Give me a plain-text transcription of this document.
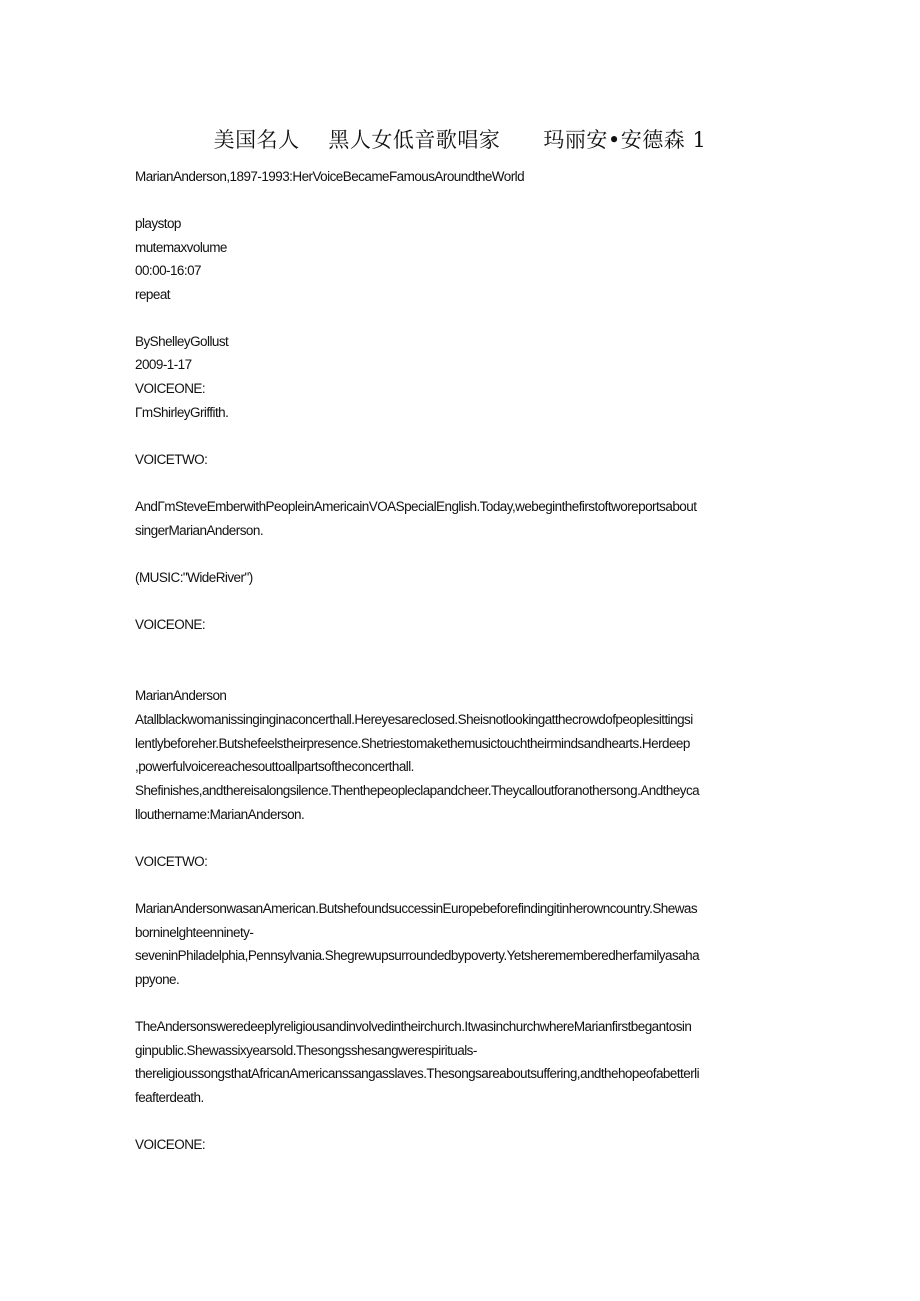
美国名人    黑人女低音歌唱家      玛丽安•安德森 1
MarianAnderson,1897-1993:HerVoiceBecameFamousAroundtheWorld
playstop
mutemaxvolume
00:00-16:07
repeat
ByShelleyGollust
2009-1-17
VOICEONE:
ΓmShirleyGriffith.
VOICETWO:
AndΓmSteveEmberwithPeopleinAmericainVOASpecialEnglish.Today,webeginthefirstoftworeportsabout
singerMarianAnderson.
(MUSIC:"WideRiver")
VOICEONE:
MarianAnderson
Atallblackwomanissinginginaconcerthall.Hereyesareclosed.Sheisnotlookingatthecrowdofpeoplesittingsi
lentlybeforeher.Butshefeelstheirpresence.Shetriestomakethemusictouchtheirmindsandhearts.Herdeep
,powerfulvoicereachesouttoallpartsoftheconcerthall.
Shefinishes,andthereisalongsilence.Thenthepeopleclapandcheer.Theycalloutforanothersong.Andtheyca
llouthername:MarianAnderson.
VOICETWO:
MarianAndersonwasanAmerican.ButshefoundsuccessinEuropebeforefindingitinherowncountry.Shewas
borninelghteenninety-
seveninPhiladelphia,Pennsylvania.Shegrewupsurroundedbypoverty.Yetsherememberedherfamilyasaha
ppyone.
TheAndersonsweredeeplyreligiousandinvolvedintheirchurch.ItwasinchurchwhereMarianfirstbegantosin
ginpublic.Shewassixyearsold.Thesongsshesangwerespirituals-
thereligioussongsthatAfricanAmericanssangasslaves.Thesongsareaboutsuffering,andthehopeofabetterli
feafterdeath.
VOICEONE:
